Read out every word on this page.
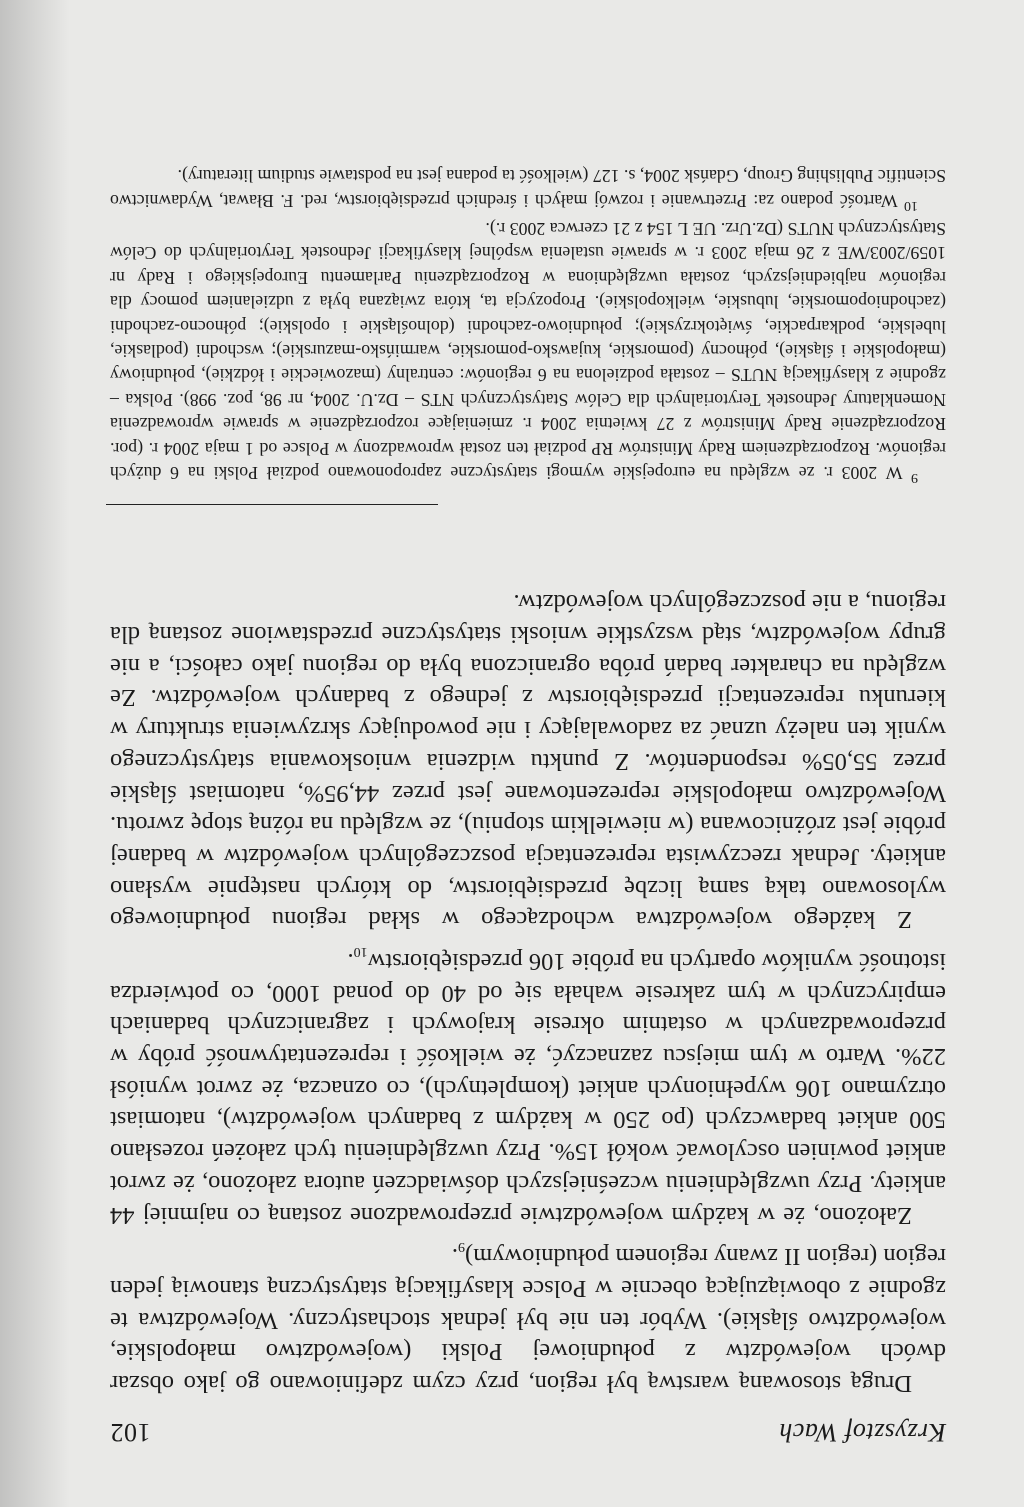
Krzysztof Wach
102

Drugą stosowaną warstwą był region, przy czym zdefiniowano go jako obszar dwóch województw z południowej Polski (województwo małopolskie, województwo śląskie). Wybór ten nie był jednak stochastyczny. Województwa te zgodnie z obowiązującą obecnie w Polsce klasyfikacją statystyczną stanowią jeden region (region II zwany regionem $południowym)_9$.

Założono, że w każdym województwie przeprowadzone zostaną co najmniej 44 ankiety. Przy uwzględnieniu wcześniejszych doświadczeń autora założono, że zwrot ankiet powinien oscylować wokół 15%. Przy uwzględnieniu tych założeń rozesłano 500 ankiet badawczych (po 250 w każdym z badanych województw), natomiast otrzymano 106 wypełnionych ankiet (kompletnych), co oznacza, że zwrot wyniósł 22%. Warto w tym miejscu zaznaczyć, że wielkość i reprezentatywność próby w przeprowadzanych w ostatnim okresie krajowych i zagranicznych badaniach empirycznych w tym zakresie wahała się od 40 do ponad 1000, co potwierdza istotność wyników opartych na próbie 106 przedsiębiorstw$_{10}$.

Z każdego województwa wchodzącego w skład regionu południowego wylosowano taką samą liczbę przedsiębiorstw, do których następnie wysłano ankiety. Jednak rzeczywista reprezentacja poszczególnych województw w badanej próbie jest zróżnicowana (w niewielkim stopniu), ze względu na różną stopę zwrotu. Województwo małopolskie reprezentowane jest przez 44,95%, natomiast śląskie przez 55,05% respondentów. Z punktu widzenia wnioskowania statystycznego wynik ten należy uznać za zadowalający i nie powodujący skrzywienia struktury w kierunku reprezentacji przedsiębiorstw z jednego z badanych województw. Ze względu na charakter badań próba ograniczona była do regionu jako całości, a nie grupy województw, stąd wszystkie wnioski statystyczne przedstawione zostaną dla regionu, a nie poszczególnych województw.

$^9$ W 2003 r. ze względu na europejskie wymogi statystyczne zaproponowano podział Polski na 6 dużych regionów. Rozporządzeniem Rady Ministrów RP podział ten został wprowadzony w Polsce od 1 maja 2004 r. (por. Rozporządzenie Rady Ministrów z 27 kwietnia 2004 r. zmieniające rozporządzenie w sprawie wprowadzenia Nomenklatury Jednostek Terytorialnych dla Celów Statystycznych NTS – Dz.U. 2004, nr 98, poz. 998). Polska – zgodnie z klasyfikacją NUTS – została podzielona na 6 regionów: centralny (mazowieckie i łódzkie), południowy (małopolskie i śląskie), północny (pomorskie, kujawsko-pomorskie, warmińsko-mazurskie); wschodni (podlaskie, lubelskie, podkarpackie, świętokrzyskie); południowo-zachodni (dolnośląskie i opolskie); północno-zachodni (zachodniopomorskie, lubuskie, wielkopolskie). Propozycja ta, która związana była z udzielaniem pomocy dla regionów najbiedniejszych, została uwzględniona w Rozporządzeniu Parlamentu Europejskiego i Rady nr 1059/2003/WE z 26 maja 2003 r. w sprawie ustalenia wspólnej klasyfikacji Jednostek Terytorialnych do Celów Statystycznych NUTS (Dz.Urz. UE L 154 z 21 czerwca 2003 r.).

$^{10}$ Wartość podano za: Przetrwanie i rozwój małych i średnich przedsiębiorstw, red. F. Bławat, Wydawnictwo Scientific Publishing Group, Gdańsk 2004, s. 127 (wielkość ta podana jest na podstawie studium literatury).
